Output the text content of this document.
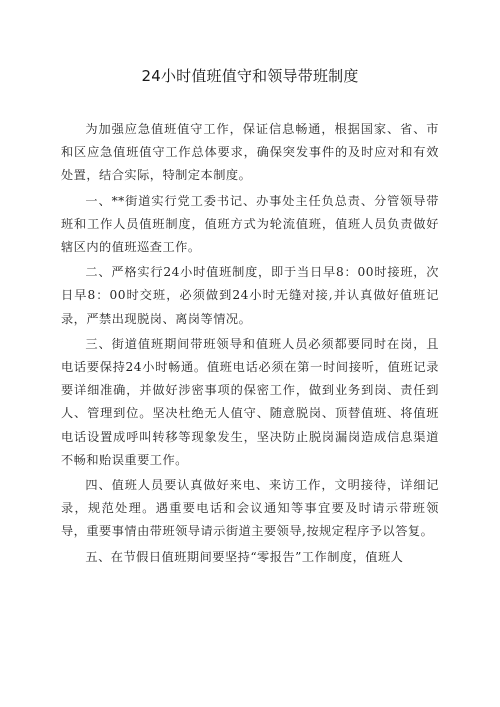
24小时值班值守和领导带班制度

为加强应急值班值守工作，保证信息畅通，根据国家、省、市和区应急值班值守工作总体要求，确保突发事件的及时应对和有效处置，结合实际，特制定本制度。

一、**街道实行党工委书记、办事处主任负总责、分管领导带班和工作人员值班制度，值班方式为轮流值班，值班人员负责做好辖区内的值班巡查工作。

二、严格实行24小时值班制度，即于当日早8：00时接班，次日早8：00时交班，必须做到24小时无缝对接,并认真做好值班记录，严禁出现脱岗、离岗等情况。

三、街道值班期间带班领导和值班人员必须都要同时在岗，且电话要保持24小时畅通。值班电话必须在第一时间接听，值班记录要详细准确，并做好涉密事项的保密工作，做到业务到岗、责任到人、管理到位。坚决杜绝无人值守、随意脱岗、顶替值班、将值班电话设置成呼叫转移等现象发生，坚决防止脱岗漏岗造成信息渠道不畅和贻误重要工作。

四、值班人员要认真做好来电、来访工作，文明接待，详细记录，规范处理。遇重要电话和会议通知等事宜要及时请示带班领导，重要事情由带班领导请示街道主要领导,按规定程序予以答复。

五、在节假日值班期间要坚持“零报告”工作制度，值班人
